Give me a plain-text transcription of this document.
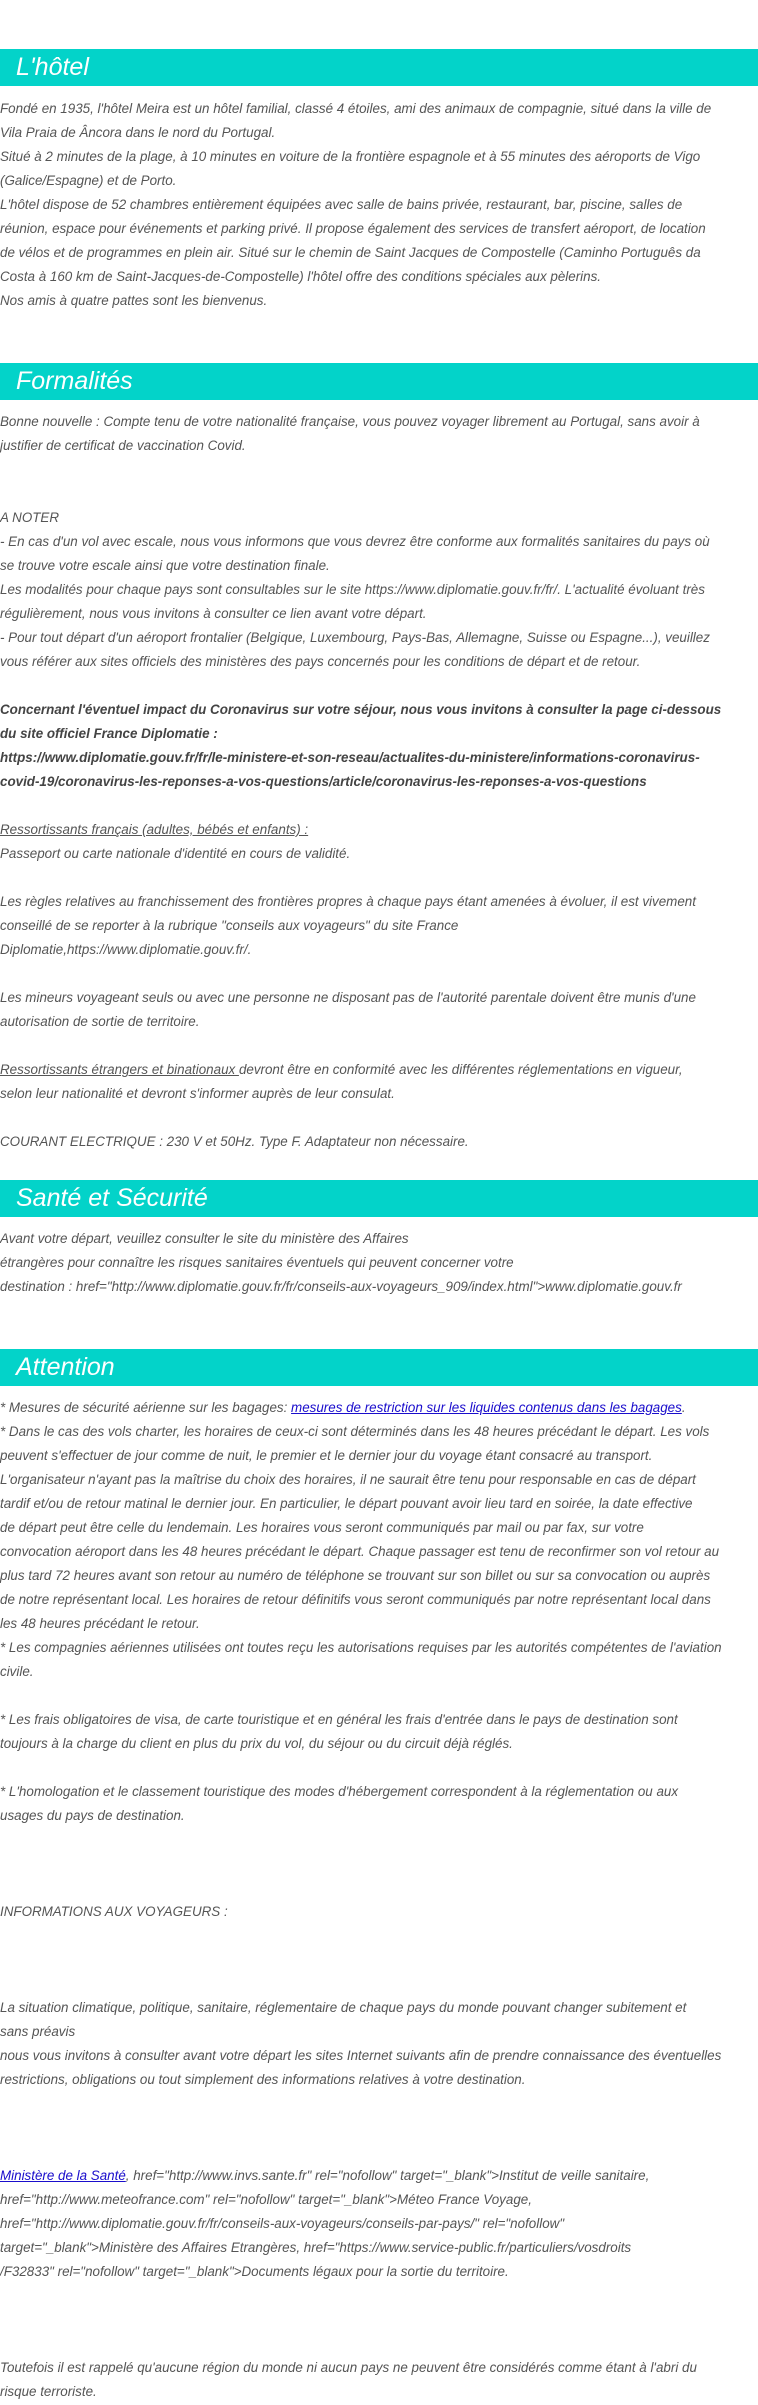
L'hôtel

Fondé en 1935, l'hôtel Meira est un hôtel familial, classé 4 étoiles, ami des animaux de compagnie, situé dans la ville de

Vila Praia de Âncora dans le nord du Portugal.

Situé à 2 minutes de la plage, à 10 minutes en voiture de la frontière espagnole et à 55 minutes des aéroports de Vigo

(Galice/Espagne) et de Porto.

L'hôtel dispose de 52 chambres entièrement équipées avec salle de bains privée, restaurant, bar, piscine, salles de

réunion, espace pour événements et parking privé. Il propose également des services de transfert aéroport, de location

de vélos et de programmes en plein air. Situé sur le chemin de Saint Jacques de Compostelle (Caminho Português da

Costa à 160 km de Saint-Jacques-de-Compostelle) l'hôtel offre des conditions spéciales aux pèlerins.

Nos amis à quatre pattes sont les bienvenus.

Formalités

Bonne nouvelle : Compte tenu de votre nationalité française, vous pouvez voyager librement au Portugal, sans avoir à

justifier de certificat de vaccination Covid.

A NOTER

- En cas d'un vol avec escale, nous vous informons que vous devrez être conforme aux formalités sanitaires du pays où

se trouve votre escale ainsi que votre destination finale.

Les modalités pour chaque pays sont consultables sur le site https://www.diplomatie.gouv.fr/fr/. L'actualité évoluant très

régulièrement, nous vous invitons à consulter ce lien avant votre départ.

- Pour tout départ d'un aéroport frontalier (Belgique, Luxembourg, Pays-Bas, Allemagne, Suisse ou Espagne...), veuillez

vous référer aux sites officiels des ministères des pays concernés pour les conditions de départ et de retour.

Concernant l'éventuel impact du Coronavirus sur votre séjour, nous vous invitons à consulter la page ci-dessous

du site officiel France Diplomatie :

https://www.diplomatie.gouv.fr/fr/le-ministere-et-son-reseau/actualites-du-ministere/informations-coronavirus-

covid-19/coronavirus-les-reponses-a-vos-questions/article/coronavirus-les-reponses-a-vos-questions

Ressortissants français (adultes, bébés et enfants) :

Passeport ou carte nationale d'identité en cours de validité.

Les règles relatives au franchissement des frontières propres à chaque pays étant amenées à évoluer, il est vivement

conseillé de se reporter à la rubrique "conseils aux voyageurs" du site France

Diplomatie,https://www.diplomatie.gouv.fr/.

Les mineurs voyageant seuls ou avec une personne ne disposant pas de l'autorité parentale doivent être munis d'une

autorisation de sortie de territoire.

Ressortissants étrangers et binationaux devront être en conformité avec les différentes réglementations en vigueur,

selon leur nationalité et devront s'informer auprès de leur consulat.

COURANT ELECTRIQUE : 230 V et 50Hz. Type F. Adaptateur non nécessaire.

Santé et Sécurité

Avant votre départ, veuillez consulter le site du ministère des Affaires

étrangères pour connaître les risques sanitaires éventuels qui peuvent concerner votre

destination : href="http://www.diplomatie.gouv.fr/fr/conseils-aux-voyageurs_909/index.html">www.diplomatie.gouv.fr

Attention

* Mesures de sécurité aérienne sur les bagages: mesures de restriction sur les liquides contenus dans les bagages.

* Dans le cas des vols charter, les horaires de ceux-ci sont déterminés dans les 48 heures précédant le départ. Les vols

peuvent s'effectuer de jour comme de nuit, le premier et le dernier jour du voyage étant consacré au transport.

L'organisateur n'ayant pas la maîtrise du choix des horaires, il ne saurait être tenu pour responsable en cas de départ

tardif et/ou de retour matinal le dernier jour. En particulier, le départ pouvant avoir lieu tard en soirée, la date effective

de départ peut être celle du lendemain. Les horaires vous seront communiqués par mail ou par fax, sur votre

convocation aéroport dans les 48 heures précédant le départ. Chaque passager est tenu de reconfirmer son vol retour au

plus tard 72 heures avant son retour au numéro de téléphone se trouvant sur son billet ou sur sa convocation ou auprès

de notre représentant local. Les horaires de retour définitifs vous seront communiqués par notre représentant local dans

les 48 heures précédant le retour.

* Les compagnies aériennes utilisées ont toutes reçu les autorisations requises par les autorités compétentes de l'aviation

civile.

* Les frais obligatoires de visa, de carte touristique et en général les frais d'entrée dans le pays de destination sont

toujours à la charge du client en plus du prix du vol, du séjour ou du circuit déjà réglés.

* L'homologation et le classement touristique des modes d'hébergement correspondent à la réglementation ou aux

usages du pays de destination.

INFORMATIONS AUX VOYAGEURS :

La situation climatique, politique, sanitaire, réglementaire de chaque pays du monde pouvant changer subitement et

sans préavis

nous vous invitons à consulter avant votre départ les sites Internet suivants afin de prendre connaissance des éventuelles

restrictions, obligations ou tout simplement des informations relatives à votre destination.

Ministère de la Santé, href="http://www.invs.sante.fr" rel="nofollow" target="_blank">Institut de veille sanitaire,

href="http://www.meteofrance.com" rel="nofollow" target="_blank">Méteo France Voyage,

href="http://www.diplomatie.gouv.fr/fr/conseils-aux-voyageurs/conseils-par-pays/" rel="nofollow"

target="_blank">Ministère des Affaires Etrangères, href="https://www.service-public.fr/particuliers/vosdroits

/F32833" rel="nofollow" target="_blank">Documents légaux pour la sortie du territoire.

Toutefois il est rappelé qu'aucune région du monde ni aucun pays ne peuvent être considérés comme étant à l'abri du

risque terroriste.
